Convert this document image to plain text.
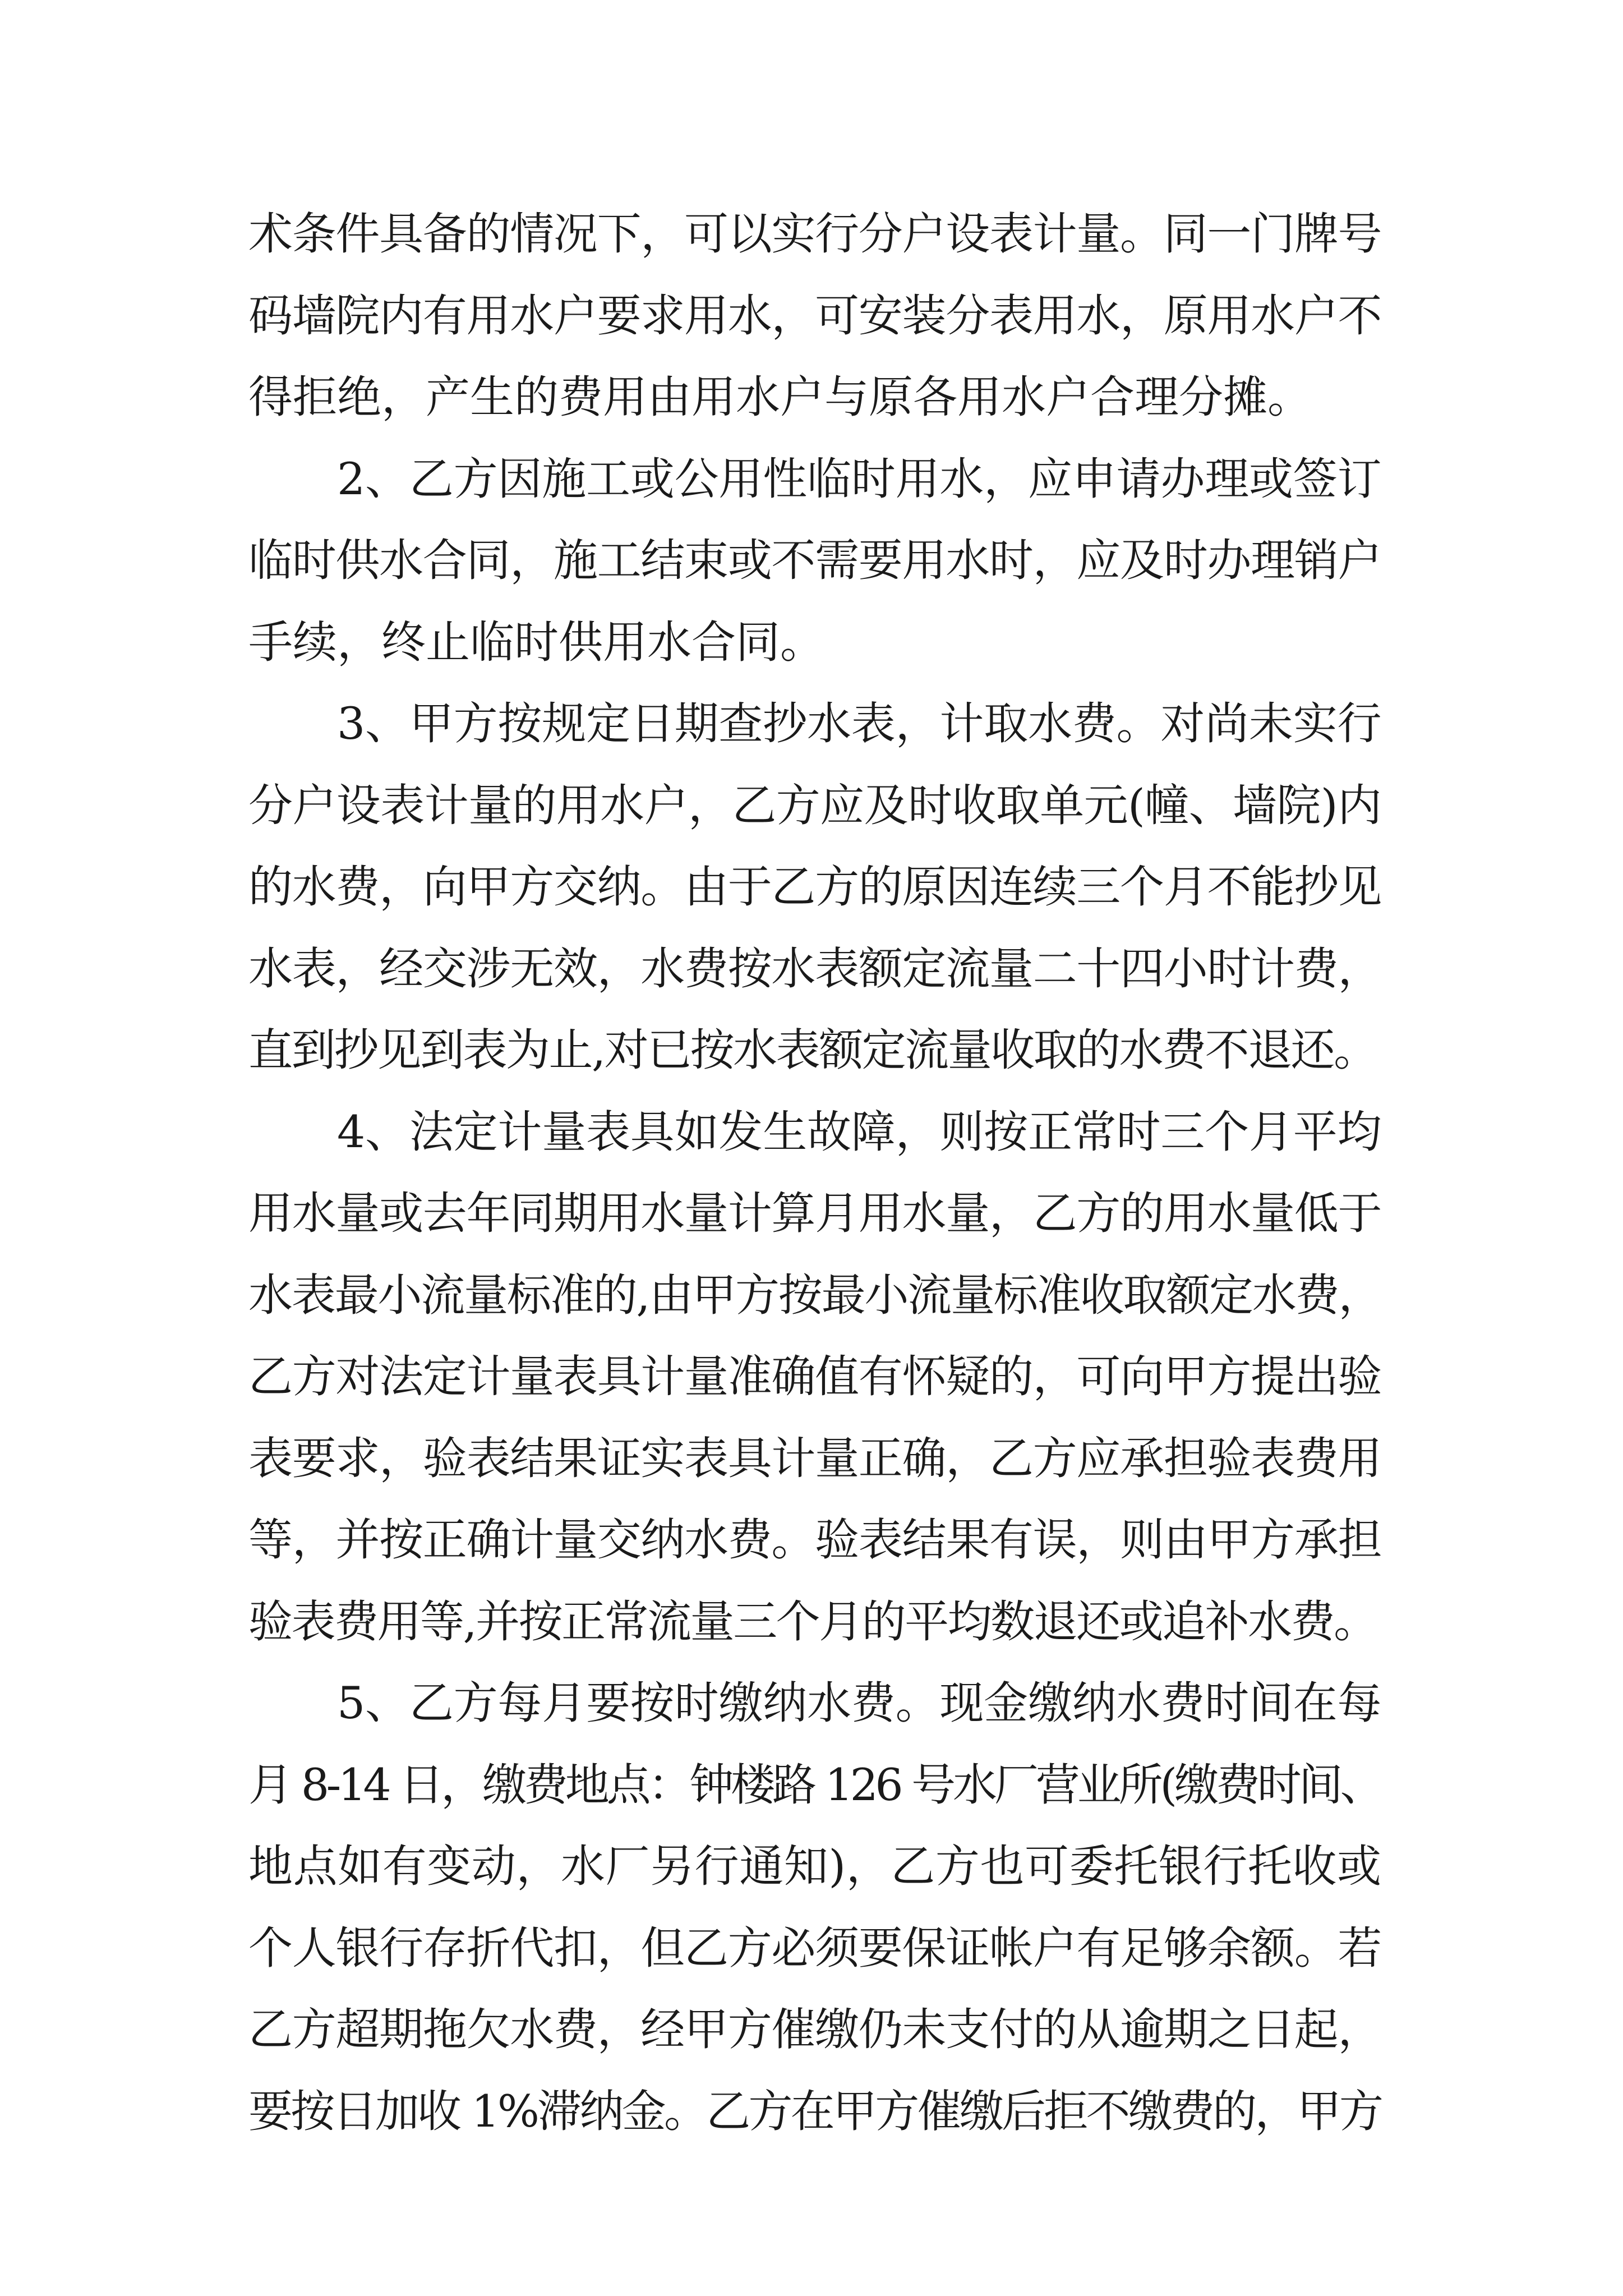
术条件具备的情况下，可以实行分户设表计量。同一门牌号
码墙院内有用水户要求用水，可安装分表用水，原用水户不
得拒绝，产生的费用由用水户与原各用水户合理分摊。
2、乙方因施工或公用性临时用水，应申请办理或签订
临时供水合同，施工结束或不需要用水时，应及时办理销户
手续，终止临时供用水合同。
3、甲方按规定日期查抄水表，计取水费。对尚未实行
分户设表计量的用水户，乙方应及时收取单元(幢、墙院)内
的水费，向甲方交纳。由于乙方的原因连续三个月不能抄见
水表，经交涉无效，水费按水表额定流量二十四小时计费，
直到抄见到表为止,对已按水表额定流量收取的水费不退还。
4、法定计量表具如发生故障，则按正常时三个月平均
用水量或去年同期用水量计算月用水量，乙方的用水量低于
水表最小流量标准的,由甲方按最小流量标准收取额定水费，
乙方对法定计量表具计量准确值有怀疑的，可向甲方提出验
表要求，验表结果证实表具计量正确，乙方应承担验表费用
等，并按正确计量交纳水费。验表结果有误，则由甲方承担
验表费用等,并按正常流量三个月的平均数退还或追补水费。
5、乙方每月要按时缴纳水费。现金缴纳水费时间在每
月 8-14 日，缴费地点：钟楼路 126 号水厂营业所(缴费时间、
地点如有变动，水厂另行通知)，乙方也可委托银行托收或
个人银行存折代扣，但乙方必须要保证帐户有足够余额。若
乙方超期拖欠水费，经甲方催缴仍未支付的从逾期之日起，
要按日加收 1%滞纳金。乙方在甲方催缴后拒不缴费的，甲方
